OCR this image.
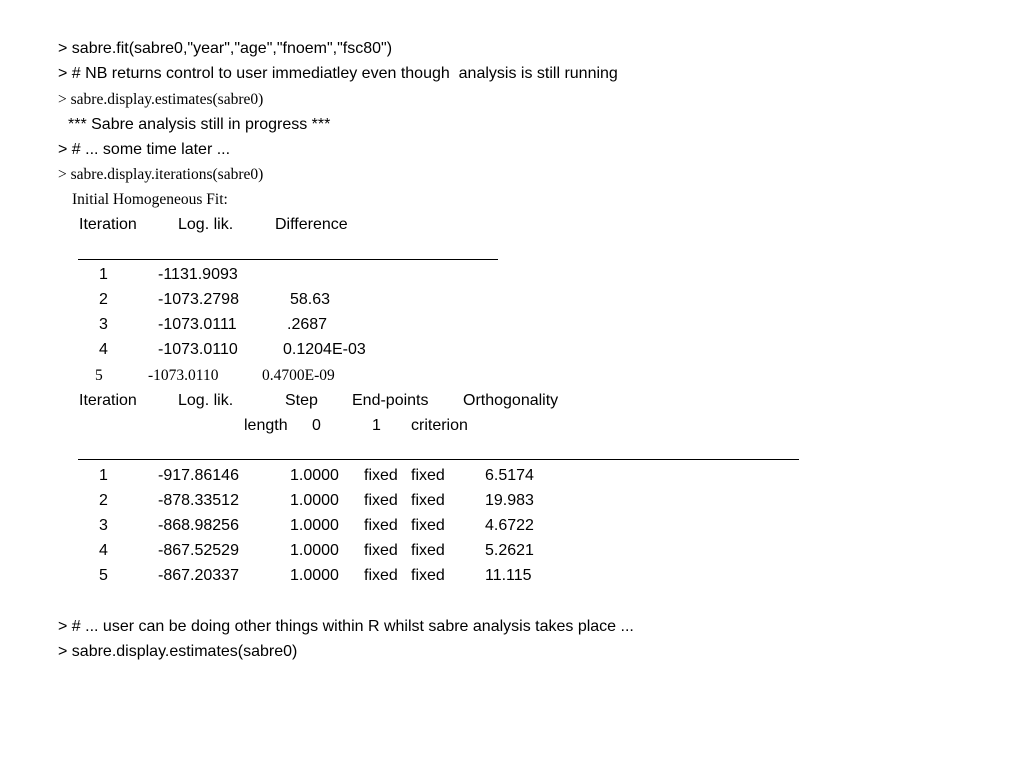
> sabre.fit(sabre0,"year","age","fnoem","fsc80")
> # NB returns control to user immediatley even though  analysis is still running
> sabre.display.estimates(sabre0)
*** Sabre analysis still in progress ***
> # ... some time later ...
> sabre.display.iterations(sabre0)
Initial Homogeneous Fit:
Iteration	Log. lik.	Difference
1	-1131.9093
2	-1073.2798	58.63
3	-1073.0111	.2687
4	-1073.0110	0.1204E-03
5	-1073.0110	0.4700E-09
Iteration	Log. lik.	Step End-points Orthogonality
length 0	1 criterion
1	-917.86146	1.0000 fixed fixed	6.5174
2	-878.33512	1.0000 fixed fixed	19.983
3	-868.98256	1.0000 fixed fixed	4.6722
4	-867.52529	1.0000 fixed fixed	5.2621
5	-867.20337	1.0000 fixed fixed	11.115
> # ... user can be doing other things within R whilst sabre analysis takes place ...
> sabre.display.estimates(sabre0)
